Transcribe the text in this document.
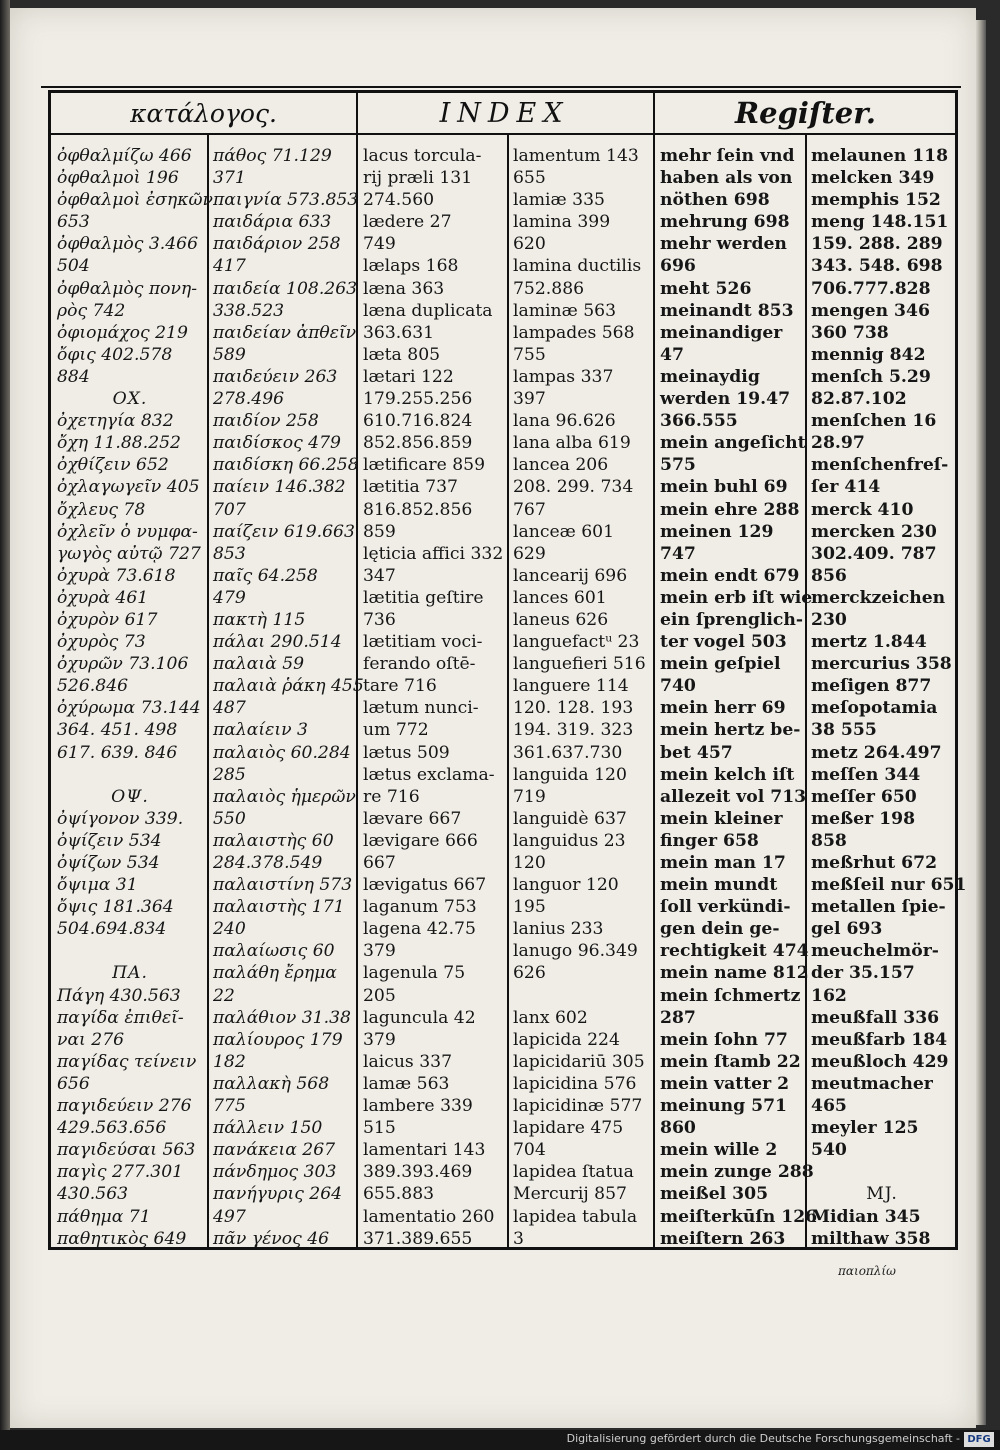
κατάλογος.	INDEX	Regiſter.
ὀφθαλμίζω 466
ὀφθαλμοὶ 196
ὀφθαλμοὶ ἐσηκῶν
653
ὀφθαλμὸς 3.466
504
ὀφθαλμὸς πονη-
ρὸς 742
ὀφιομάχος 219
ὄφις 402.578
884
ΟΧ.
ὀχετηγία 832
ὄχη 11.88.252
ὀχθίζειν 652
ὀχλαγωγεῖν 405
ὄχλευς 78
ὀχλεῖν ὁ νυμφα-
γωγὸς αὐτῷ 727
ὀχυρὰ 73.618
ὀχυρὰ 461
ὀχυρὸν 617
ὀχυρὸς 73
ὀχυρῶν 73.106
526.846
ὀχύρωμα 73.144
364. 451. 498
617. 639. 846
ΟΨ.
ὀψίγονον 339.
ὀψίζειν 534
ὀψίζων 534
ὄψιμα 31
ὄψις 181.364
504.694.834
ΠΑ.
Πάγη 430.563
παγίδα ἐπιθεῖ-
ναι 276
παγίδας τείνειν
656
παγιδεύειν 276
429.563.656
παγιδεύσαι 563
παγὶς 277.301
430.563
πάθημα 71
παθητικὸς 649
πάθος 71.129
371
παιγνία 573.853
παιδάρια 633
παιδάριον 258
417
παιδεία 108.263
338.523
παιδείαν ἀπθεῖν
589
παιδεύειν 263
278.496
παιδίον 258
παιδίσκος 479
παιδίσκη 66.258
παίειν 146.382
707
παίζειν 619.663
853
παῖς 64.258
479
πακτὴ 115
πάλαι 290.514
παλαιὰ 59
παλαιὰ ῥάκη 455
487
παλαίειν 3
παλαιὸς 60.284
285
παλαιὸς ἡμερῶν
550
παλαιστὴς 60
284.378.549
παλαιστίνη 573
παλαιστὴς 171
240
παλαίωσις 60
παλάθη ἔρημα
22
παλάθιον 31.38
παλίουρος 179
182
παλλακὴ 568
775
πάλλειν 150
πανάκεια 267
πάνδημος 303
πανήγυρις 264
497
πᾶν γένος 46
lacus torcula-
rij præli 131
274.560
lædere 27
749
lælaps 168
læna 363
læna duplicata
363.631
læta 805
lætari 122
179.255.256
610.716.824
852.856.859
lætificare 859
lætitia 737
816.852.856
859
lęticia affici 332
347
lætitia geſtire
736
lætitiam voci-
ferando oſtē-
tare 716
lætum nunci-
um 772
lætus 509
lætus exclama-
re 716
lævare 667
lævigare 666
667
lævigatus 667
laganum 753
lagena 42.75
379
lagenula 75
205
laguncula 42
379
laicus 337
lamæ 563
lambere 339
515
lamentari 143
389.393.469
655.883
lamentatio 260
371.389.655
lamentum 143
655
lamiæ 335
lamina 399
620
lamina ductilis
752.886
laminæ 563
lampades 568
755
lampas 337
397
lana 96.626
lana alba 619
lancea 206
208. 299. 734
767
lanceæ 601
629
lancearij 696
lances 601
laneus 626
languefactᵘ 23
languefieri 516
languere 114
120. 128. 193
194. 319. 323
361.637.730
languida 120
719
languidè 637
languidus 23
120
languor 120
195
lanius 233
lanugo 96.349
626
lanx 602
lapicida 224
lapicidariū 305
lapicidina 576
lapicidinæ 577
lapidare 475
704
lapidea ſtatua
Mercurij 857
lapidea tabula
3
mehr ſein vnd
haben als von
nöthen 698
mehrung 698
mehr werden
696
meht 526
meinandt 853
meinandiger
47
meinaydig
werden 19.47
366.555
mein angeſicht
575
mein buhl 69
mein ehre 288
meinen 129
747
mein endt 679
mein erb iſt wie
ein ſprenglich-
ter vogel 503
mein geſpiel
740
mein herr 69
mein hertz be-
bet 457
mein kelch iſt
allezeit vol 713
mein kleiner
finger 658
mein man 17
mein mundt
ſoll verkündi-
gen dein ge-
rechtigkeit 474
mein name 812
mein ſchmertz
287
mein ſohn 77
mein ſtamb 22
mein vatter 2
meinung 571
860
mein wille 2
mein zunge 288
meißel 305
meiſterkūſn 126
meiſtern 263
melaunen 118
melcken 349
memphis 152
meng 148.151
159. 288. 289
343. 548. 698
706.777.828
mengen 346
360 738
mennig 842
menſch 5.29
82.87.102
menſchen 16
28.97
menſchenfreſ-
ſer 414
merck 410
mercken 230
302.409. 787
856
merckzeichen
230
mertz 1.844
mercurius 358
meſigen 877
meſopotamia
38 555
metz 264.497
meſſen 344
meſſer 650
meßer 198
858
meßrhut 672
meßſeil nur 651
metallen ſpie-
gel 693
meuchelmör-
der 35.157
162
meußfall 336
meußfarb 184
meußloch 429
meutmacher
465
meyler 125
540
MJ.
Midian 345
milthaw 358
παιοπλίω
Digitalisierung gefördert durch die Deutsche Forschungsgemeinschaft - DFG
